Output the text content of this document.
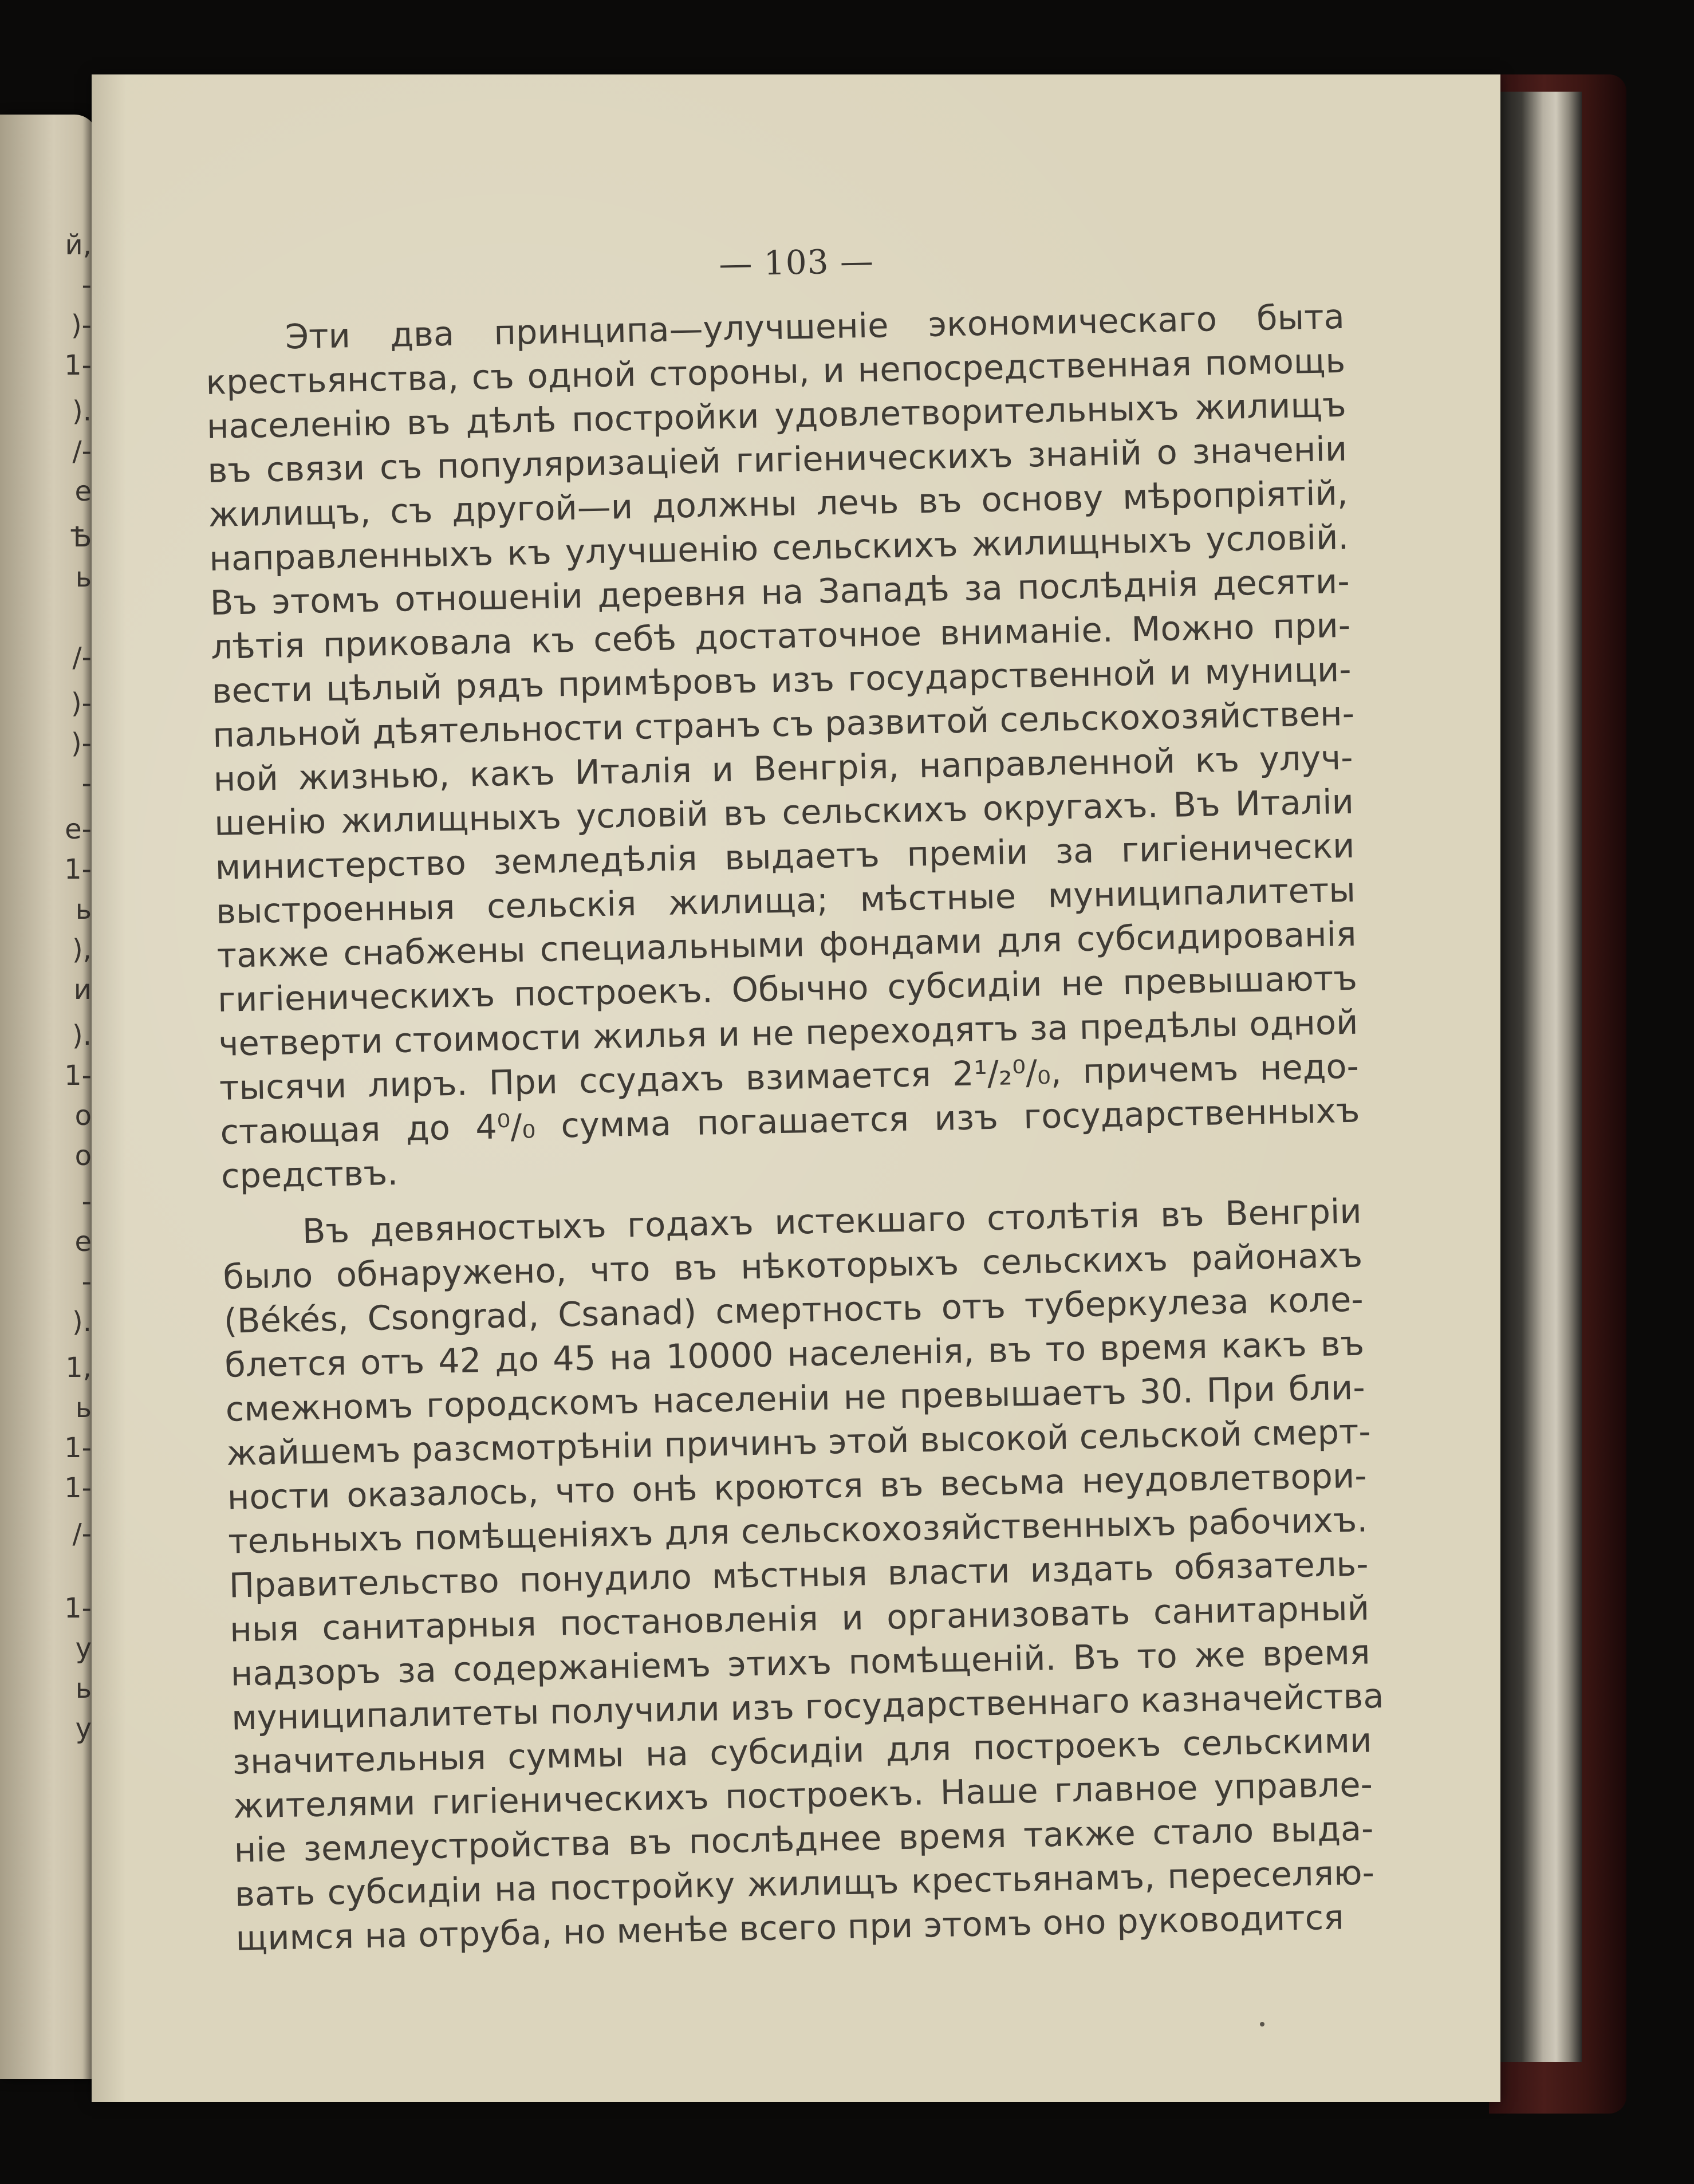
й,
-
)-
1-
).
/-
е
Ѣ
ь
/-
)-
)-
-
е-
1-
ь
),
и
).
1-
о
о
-
е
-
).
1,
ь
1-
1-
/-
1-
у
ь
у
— 103 —

Эти два принципа—улучшеніе экономическаго быта
крестьянства, съ одной стороны, и непосредственная помощь
населенію въ дѣлѣ постройки удовлетворительныхъ жилищъ
въ связи съ популяризаціей гигіеническихъ знаній о значеніи
жилищъ, съ другой—и должны лечь въ основу мѣропріятій,
направленныхъ къ улучшенію сельскихъ жилищныхъ условій.
Въ этомъ отношеніи деревня на Западѣ за послѣднія десяти-
лѣтія приковала къ себѣ достаточное вниманіе. Можно при-
вести цѣлый рядъ примѣровъ изъ государственной и муници-
пальной дѣятельности странъ съ развитой сельскохозяйствен-
ной жизнью, какъ Италія и Венгрія, направленной къ улуч-
шенію жилищныхъ условій въ сельскихъ округахъ. Въ Италіи
министерство земледѣлія выдаетъ преміи за гигіенически
выстроенныя сельскія жилища; мѣстные муниципалитеты
также снабжены специальными фондами для субсидированія
гигіеническихъ построекъ. Обычно субсидіи не превышаютъ
четверти стоимости жилья и не переходятъ за предѣлы одной
тысячи лиръ. При ссудахъ взимается 2¹/₂⁰/₀, причемъ недо-
стающая до 4⁰/₀ сумма погашается изъ государственныхъ
средствъ.

Въ девяностыхъ годахъ истекшаго столѣтія въ Венгріи
было обнаружено, что въ нѣкоторыхъ сельскихъ районахъ
(Békés, Csongrad, Csanad) смертность отъ туберкулеза коле-
блется отъ 42 до 45 на 10000 населенія, въ то время какъ въ
смежномъ городскомъ населеніи не превышаетъ 30. При бли-
жайшемъ разсмотрѣніи причинъ этой высокой сельской смерт-
ности оказалось, что онѣ кроются въ весьма неудовлетвори-
тельныхъ помѣщеніяхъ для сельскохозяйственныхъ рабочихъ.
Правительство понудило мѣстныя власти издать обязатель-
ныя санитарныя постановленія и организовать санитарный
надзоръ за содержаніемъ этихъ помѣщеній. Въ то же время
муниципалитеты получили изъ государственнаго казначейства
значительныя суммы на субсидіи для построекъ сельскими
жителями гигіеническихъ построекъ. Наше главное управле-
ніе землеустройства въ послѣднее время также стало выда-
вать субсидіи на постройку жилищъ крестьянамъ, переселяю-
щимся на отруба, но менѣе всего при этомъ оно руководится
